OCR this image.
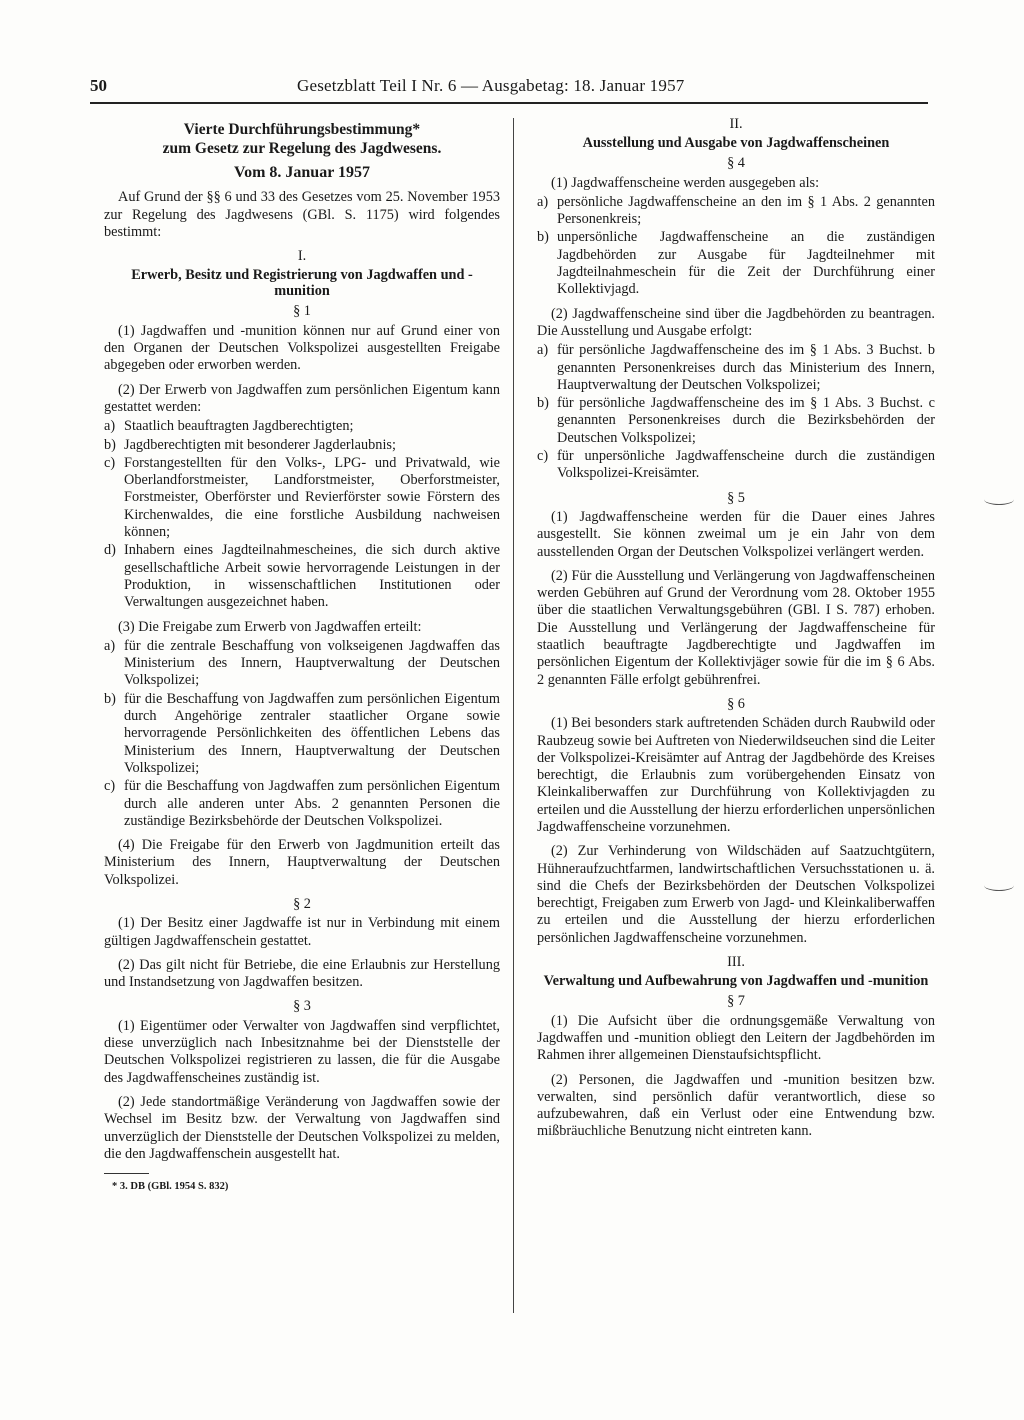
50	Gesetzblatt Teil I Nr. 6 — Ausgabetag: 18. Januar 1957
Vierte Durchführungsbestimmung*
zum Gesetz zur Regelung des Jagdwesens.
Vom 8. Januar 1957

Auf Grund der §§ 6 und 33 des Gesetzes vom 25. November 1953 zur Regelung des Jagdwesens (GBl. S. 1175) wird folgendes bestimmt:

I.
Erwerb, Besitz und Registrierung von Jagdwaffen und -munition
§ 1

(1) Jagdwaffen und -munition können nur auf Grund einer von den Organen der Deutschen Volkspolizei ausgestellten Freigabe abgegeben oder erworben werden.

(2) Der Erwerb von Jagdwaffen zum persönlichen Eigentum kann gestattet werden:

a) Staatlich beauftragten Jagdberechtigten;
b) Jagdberechtigten mit besonderer Jagderlaubnis;
c) Forstangestellten für den Volks-, LPG- und Privatwald, wie Oberlandforstmeister, Landforstmeister, Oberforstmeister, Forstmeister, Oberförster und Revierförster sowie Förstern des Kirchenwaldes, die eine forstliche Ausbildung nachweisen können;
d) Inhabern eines Jagdteilnahmescheines, die sich durch aktive gesellschaftliche Arbeit sowie hervorragende Leistungen in der Produktion, in wissenschaftlichen Institutionen oder Verwaltungen ausgezeichnet haben.

(3) Die Freigabe zum Erwerb von Jagdwaffen erteilt:

a) für die zentrale Beschaffung von volkseigenen Jagdwaffen das Ministerium des Innern, Hauptverwaltung der Deutschen Volkspolizei;
b) für die Beschaffung von Jagdwaffen zum persönlichen Eigentum durch Angehörige zentraler staatlicher Organe sowie hervorragende Persönlichkeiten des öffentlichen Lebens das Ministerium des Innern, Hauptverwaltung der Deutschen Volkspolizei;
c) für die Beschaffung von Jagdwaffen zum persönlichen Eigentum durch alle anderen unter Abs. 2 genannten Personen die zuständige Bezirksbehörde der Deutschen Volkspolizei.

(4) Die Freigabe für den Erwerb von Jagdmunition erteilt das Ministerium des Innern, Hauptverwaltung der Deutschen Volkspolizei.

§ 2

(1) Der Besitz einer Jagdwaffe ist nur in Verbindung mit einem gültigen Jagdwaffenschein gestattet.

(2) Das gilt nicht für Betriebe, die eine Erlaubnis zur Herstellung und Instandsetzung von Jagdwaffen besitzen.

§ 3

(1) Eigentümer oder Verwalter von Jagdwaffen sind verpflichtet, diese unverzüglich nach Inbesitznahme bei der Dienststelle der Deutschen Volkspolizei registrieren zu lassen, die für die Ausgabe des Jagdwaffenscheines zuständig ist.

(2) Jede standortmäßige Veränderung von Jagdwaffen sowie der Wechsel im Besitz bzw. der Verwaltung von Jagdwaffen sind unverzüglich der Dienststelle der Deutschen Volkspolizei zu melden, die den Jagdwaffenschein ausgestellt hat.

* 3. DB (GBl. 1954 S. 832)
II.
Ausstellung und Ausgabe von Jagdwaffenscheinen
§ 4

(1) Jagdwaffenscheine werden ausgegeben als:

a) persönliche Jagdwaffenscheine an den im § 1 Abs. 2 genannten Personenkreis;
b) unpersönliche Jagdwaffenscheine an die zuständigen Jagdbehörden zur Ausgabe für Jagdteilnehmer mit Jagdteilnahmeschein für die Zeit der Durchführung einer Kollektivjagd.

(2) Jagdwaffenscheine sind über die Jagdbehörden zu beantragen. Die Ausstellung und Ausgabe erfolgt:

a) für persönliche Jagdwaffenscheine des im § 1 Abs. 3 Buchst. b genannten Personenkreises durch das Ministerium des Innern, Hauptverwaltung der Deutschen Volkspolizei;
b) für persönliche Jagdwaffenscheine des im § 1 Abs. 3 Buchst. c genannten Personenkreises durch die Bezirksbehörden der Deutschen Volkspolizei;
c) für unpersönliche Jagdwaffenscheine durch die zuständigen Volkspolizei-Kreisämter.
§ 5

(1) Jagdwaffenscheine werden für die Dauer eines Jahres ausgestellt. Sie können zweimal um je ein Jahr von dem ausstellenden Organ der Deutschen Volkspolizei verlängert werden.

(2) Für die Ausstellung und Verlängerung von Jagdwaffenscheinen werden Gebühren auf Grund der Verordnung vom 28. Oktober 1955 über die staatlichen Verwaltungsgebühren (GBl. I S. 787) erhoben. Die Ausstellung und Verlängerung der Jagdwaffenscheine für staatlich beauftragte Jagdberechtigte und Jagdwaffen im persönlichen Eigentum der Kollektivjäger sowie für die im § 6 Abs. 2 genannten Fälle erfolgt gebührenfrei.

§ 6

(1) Bei besonders stark auftretenden Schäden durch Raubwild oder Raubzeug sowie bei Auftreten von Niederwildseuchen sind die Leiter der Volkspolizei-Kreisämter auf Antrag der Jagdbehörde des Kreises berechtigt, die Erlaubnis zum vorübergehenden Einsatz von Kleinkaliberwaffen zur Durchführung von Kollektivjagden zu erteilen und die Ausstellung der hierzu erforderlichen unpersönlichen Jagdwaffenscheine vorzunehmen.

(2) Zur Verhinderung von Wildschäden auf Saatzuchtgütern, Hühneraufzuchtfarmen, landwirtschaftlichen Versuchsstationen u. ä. sind die Chefs der Bezirksbehörden der Deutschen Volkspolizei berechtigt, Freigaben zum Erwerb von Jagd- und Kleinkaliberwaffen zu erteilen und die Ausstellung der hierzu erforderlichen persönlichen Jagdwaffenscheine vorzunehmen.

III.
Verwaltung und Aufbewahrung von Jagdwaffen und -munition
§ 7

(1) Die Aufsicht über die ordnungsgemäße Verwaltung von Jagdwaffen und -munition obliegt den Leitern der Jagdbehörden im Rahmen ihrer allgemeinen Dienstaufsichtspflicht.

(2) Personen, die Jagdwaffen und -munition besitzen bzw. verwalten, sind persönlich dafür verantwortlich, diese so aufzubewahren, daß ein Verlust oder eine Entwendung bzw. mißbräuchliche Benutzung nicht eintreten kann.
